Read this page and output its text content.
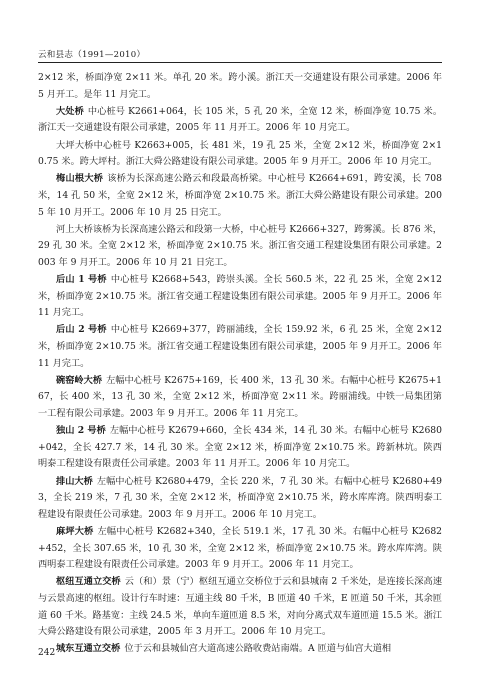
云和县志（1991—2010）

2×12 米，桥面净宽 2×11 米。单孔 20 米。跨小溪。浙江天一交通建设有限公司承建。2006 年 5 月开工。是年 11 月完工。

大处桥 中心桩号 K2661+064，长 105 米，5 孔 20 米，全宽 12 米，桥面净宽 10.75 米。浙江天一交通建设有限公司承建，2005 年 11 月开工。2006 年 10 月完工。

大坪大桥中心桩号 K2663+005，长 481 米，19 孔 25 米，全宽 2×12 米，桥面净宽 2×10.75 米。跨大坪村。浙江大舜公路建设有限公司承建。2005 年 9 月开工。2006 年 10 月完工。

梅山根大桥 该桥为长深高速公路云和段最高桥梁。中心桩号 K2664+691，跨安溪，长 708 米，14 孔 50 米，全宽 2×12 米，桥面净宽 2×10.75 米。浙江大舜公路建设有限公司承建。2005 年 10 月开工。2006 年 10 月 25 日完工。

河上大桥该桥为长深高速公路云和段第一大桥，中心桩号 K2666+327，跨雾溪。长 876 米，29 孔 30 米。全宽 2×12 米，桥面净宽 2×10.75 米。浙江省交通工程建设集团有限公司承建。2003 年 9 月开工。2006 年 10 月 21 日完工。

后山 1 号桥 中心桩号 K2668+543，跨崇头溪。全长 560.5 米，22 孔 25 米，全宽 2×12 米，桥面净宽 2×10.75 米。浙江省交通工程建设集团有限公司承建。2005 年 9 月开工。2006 年 11 月完工。

后山 2 号桥 中心桩号 K2669+377，跨丽浦线，全长 159.92 米，6 孔 25 米，全宽 2×12 米，桥面净宽 2×10.75 米。浙江省交通工程建设集团有限公司承建，2005 年 9 月开工。2006 年 11 月完工。

碗窑岭大桥 左幅中心桩号 K2675+169，长 400 米，13 孔 30 米。右幅中心桩号 K2675+167，长 400 米，13 孔 30 米，全宽 2×12 米，桥面净宽 2×11 米。跨丽浦线。中铁一局集团第一工程有限公司承建。2003 年 9 月开工。2006 年 11 月完工。

独山 2 号桥 左幅中心桩号 K2679+660，全长 434 米，14 孔 30 米。右幅中心桩号 K2680+042，全长 427.7 米，14 孔 30 米。全宽 2×12 米，桥面净宽 2×10.75 米。跨新林坑。陕西明泰工程建设有限责任公司承建。2003 年 11 月开工。2006 年 10 月完工。

排山大桥 左幅中心桩号 K2680+479，全长 220 米，7 孔 30 米。右幅中心桩号 K2680+493，全长 219 米，7 孔 30 米，全宽 2×12 米，桥面净宽 2×10.75 米，跨水库库湾。陕西明泰工程建设有限责任公司承建。2003 年 9 月开工。2006 年 10 月完工。

麻坪大桥 左幅中心桩号 K2682+340，全长 519.1 米，17 孔 30 米。右幅中心桩号 K2682+452，全长 307.65 米，10 孔 30 米，全宽 2×12 米，桥面净宽 2×10.75 米。跨水库库湾。陕西明泰工程建设有限责任公司承建。2003 年 9 月开工。2006 年 11 月完工。

枢纽互通立交桥 云（和）景（宁）枢纽互通立交桥位于云和县城南 2 千米处，是连接长深高速与云景高速的枢纽。设计行车时速：互通主线 80 千米，B 匝道 40 千米，E 匝道 50 千米，其余匝道 60 千米。路基宽：主线 24.5 米，单向车道匝道 8.5 米，对向分离式双车道匝道 15.5 米。浙江大舜公路建设有限公司承建，2005 年 3 月开工。2006 年 10 月完工。

城东互通立交桥 位于云和县城仙宫大道高速公路收费站南端。A 匝道与仙宫大道相

242
